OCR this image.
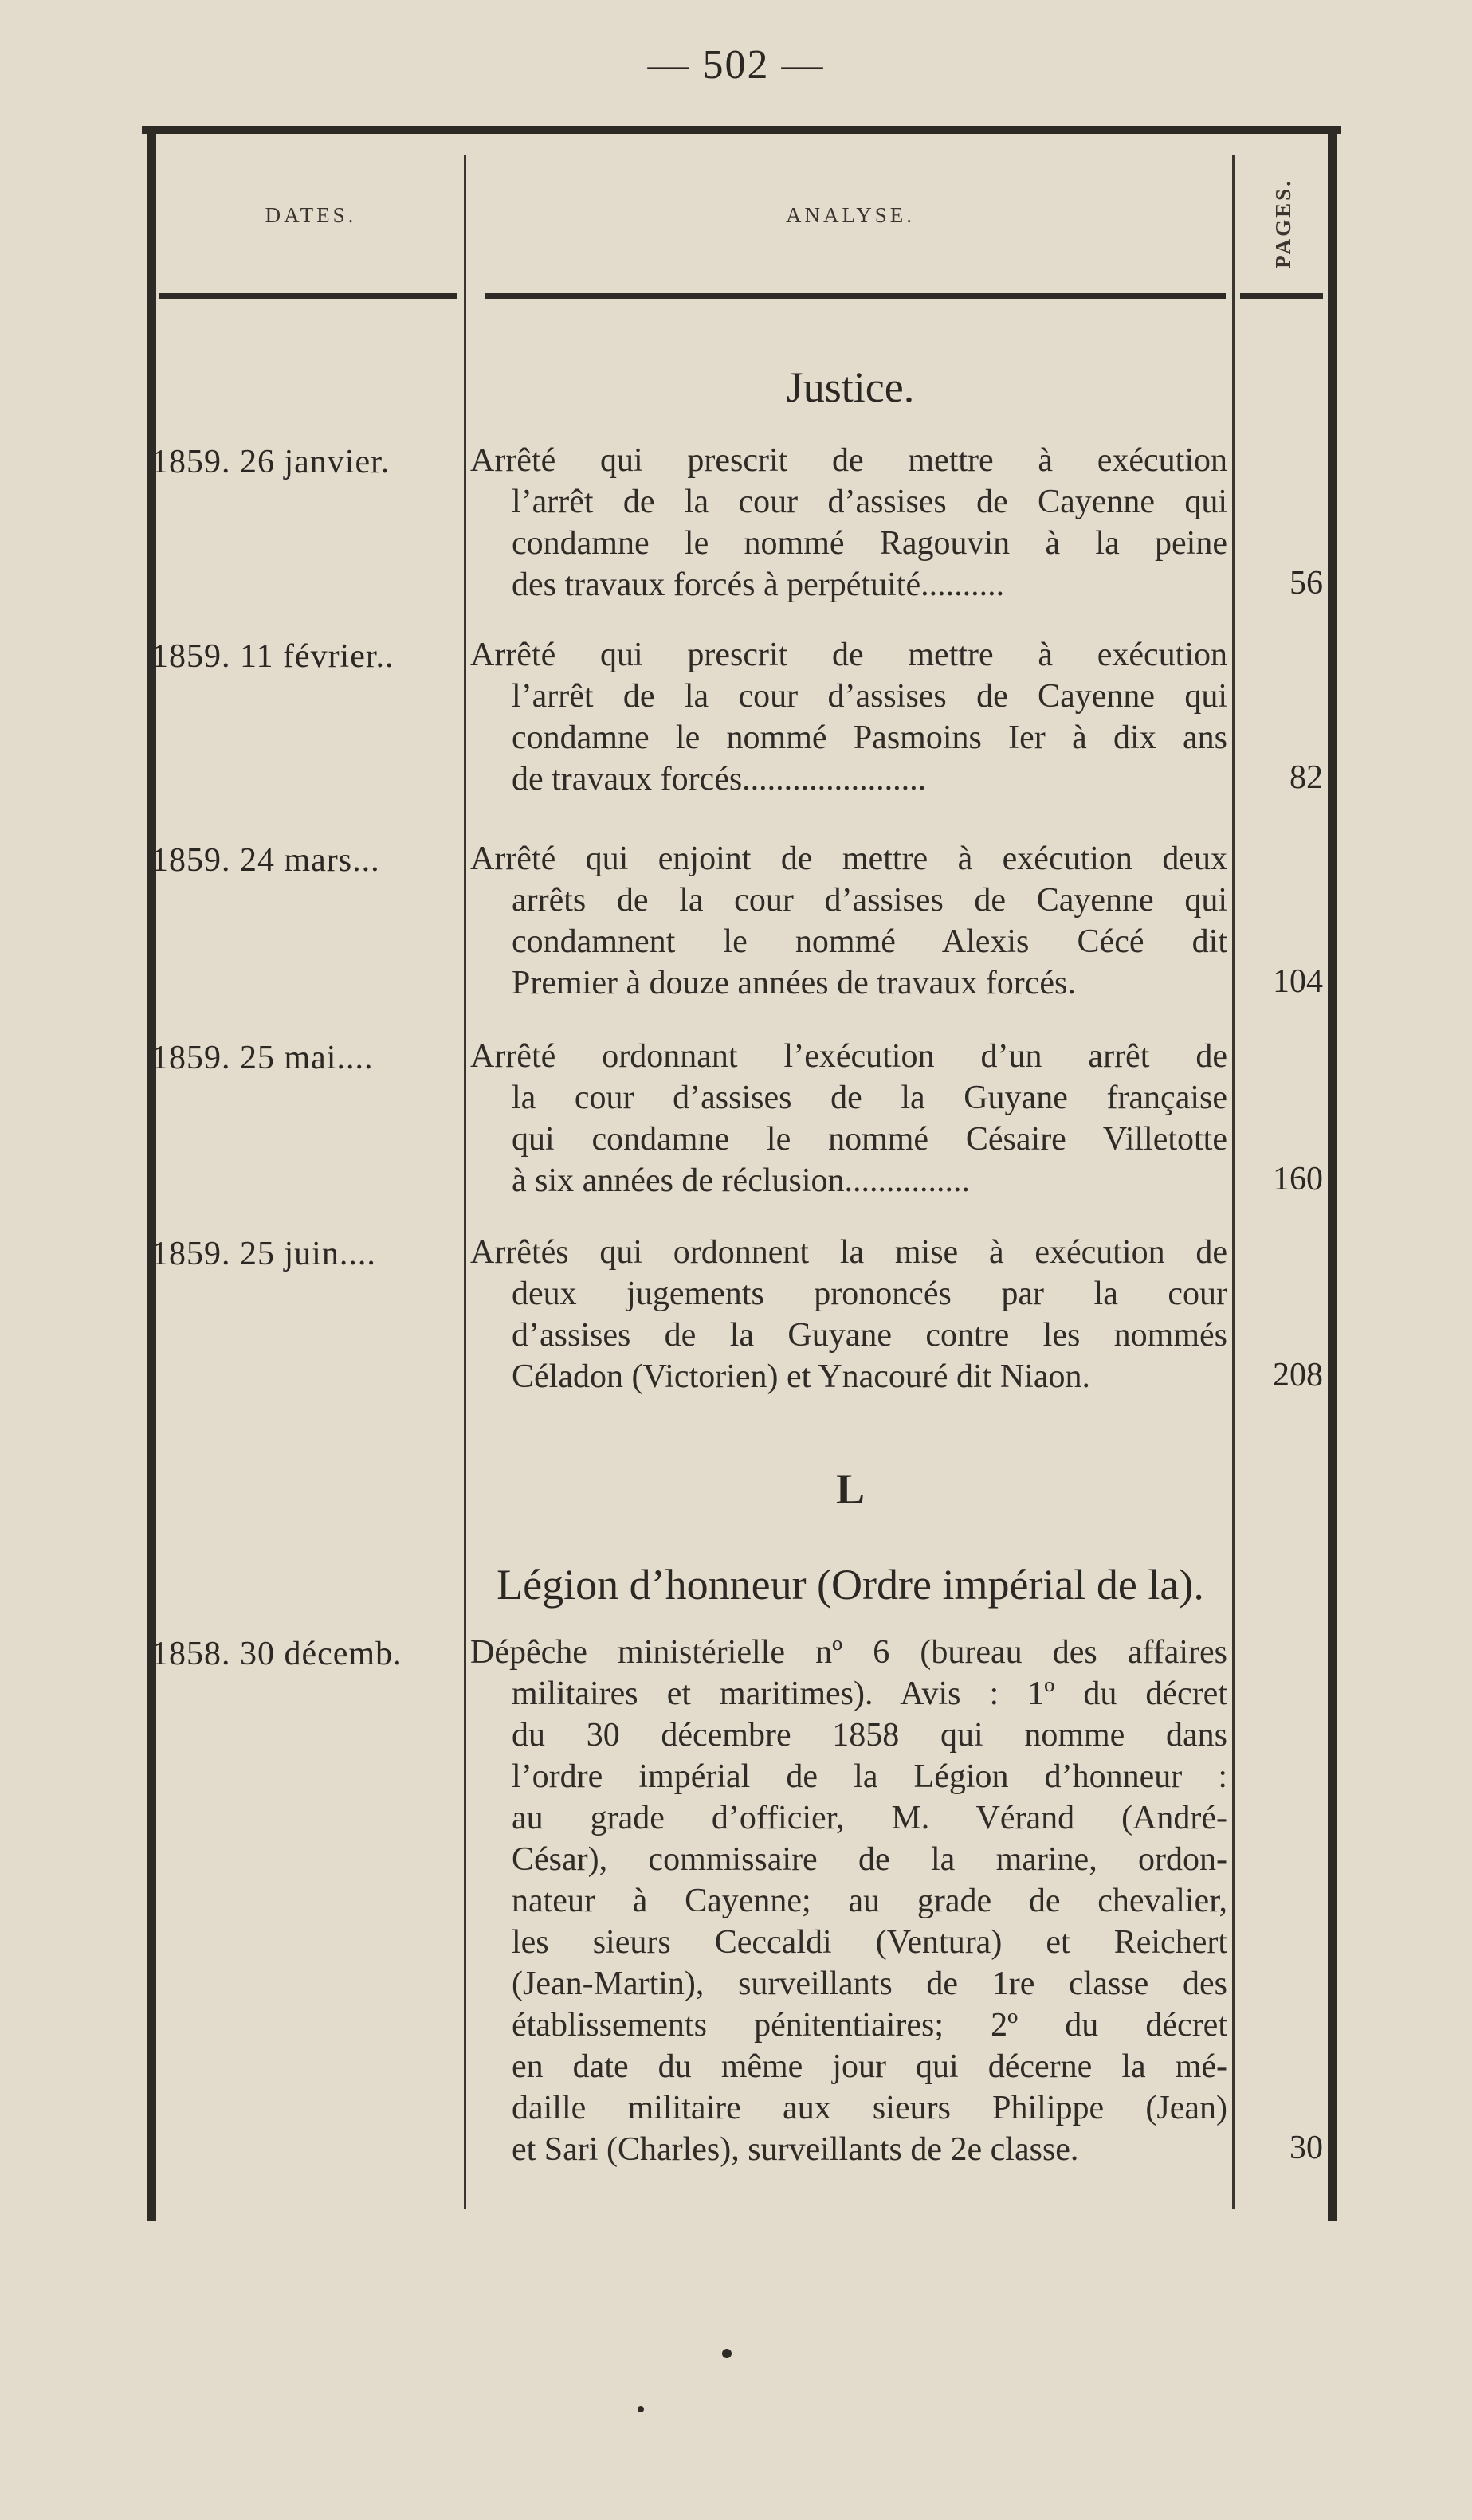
— 502 —
DATES.	ANALYSE.	PAGES.
Justice.
1859. 26 janvier.	Arrêté qui prescrit de mettre à exécution
l’arrêt de la cour d’assises de Cayenne qui
condamne le nommé Ragouvin à la peine
des travaux forcés à perpétuité..........	56
1859. 11 février..	Arrêté qui prescrit de mettre à exécution
l’arrêt de la cour d’assises de Cayenne qui
condamne le nommé Pasmoins Ier à dix ans
de travaux forcés......................	82
1859. 24 mars...	Arrêté qui enjoint de mettre à exécution deux
arrêts de la cour d’assises de Cayenne qui
condamnent le nommé Alexis Cécé dit
Premier à douze années de travaux forcés.	104
1859. 25 mai....	Arrêté ordonnant l’exécution d’un arrêt de
la cour d’assises de la Guyane française
qui condamne le nommé Césaire Villetotte
à six années de réclusion...............	160
1859. 25 juin....	Arrêtés qui ordonnent la mise à exécution de
deux jugements prononcés par la cour
d’assises de la Guyane contre les nommés
Céladon (Victorien) et Ynacouré dit Niaon.	208
L
Légion d’honneur (Ordre impérial de la).
1858. 30 décemb.	Dépêche ministérielle nº 6 (bureau des affaires
militaires et maritimes). Avis : 1º du décret
du 30 décembre 1858 qui nomme dans
l’ordre impérial de la Légion d’honneur :
au grade d’officier, M. Vérand (André-
César), commissaire de la marine, ordon-
nateur à Cayenne; au grade de chevalier,
les sieurs Ceccaldi (Ventura) et Reichert
(Jean-Martin), surveillants de 1re classe des
établissements pénitentiaires; 2º du décret
en date du même jour qui décerne la mé-
daille militaire aux sieurs Philippe (Jean)
et Sari (Charles), surveillants de 2e classe.	30
